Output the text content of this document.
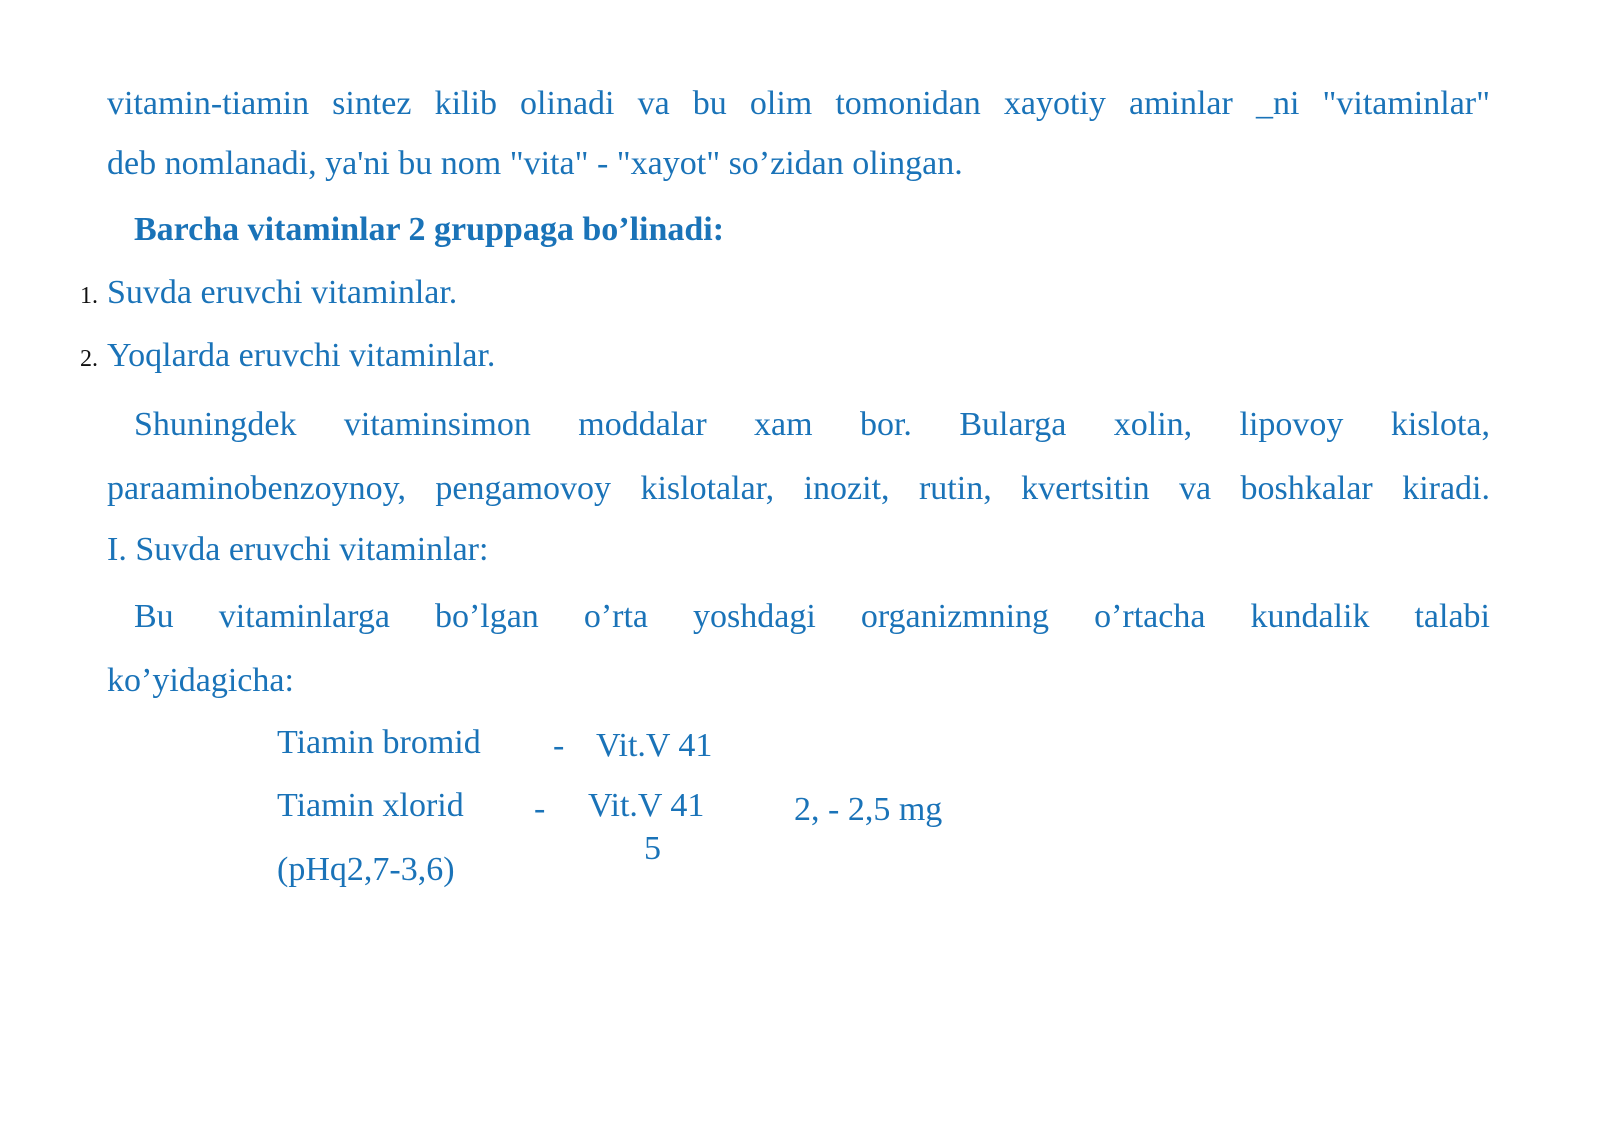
vitamin-tiamin sintez kilib olinadi va bu olim tomonidan xayotiy aminlar _ni "vitaminlar"
deb nomlanadi, ya'ni bu nom "vita" - "xayot" so’zidan olingan.
Barcha vitaminlar 2 gruppaga bo’linadi:
1. Suvda eruvchi vitaminlar.
2. Yoqlarda eruvchi vitaminlar.
Shuningdek vitaminsimon moddalar xam bor. Bularga xolin, lipovoy kislota,
paraaminobenzoynoy, pengamovoy kislotalar, inozit, rutin, kvertsitin va boshkalar kiradi.
I. Suvda eruvchi vitaminlar:
Bu vitaminlarga bo’lgan o’rta yoshdagi organizmning o’rtacha kundalik talabi
ko’yidagicha:
Tiamin bromid - Vit.V 41
Tiamin xlorid - Vit.V 41
5
2, - 2,5 mg
(pHq2,7-3,6)
